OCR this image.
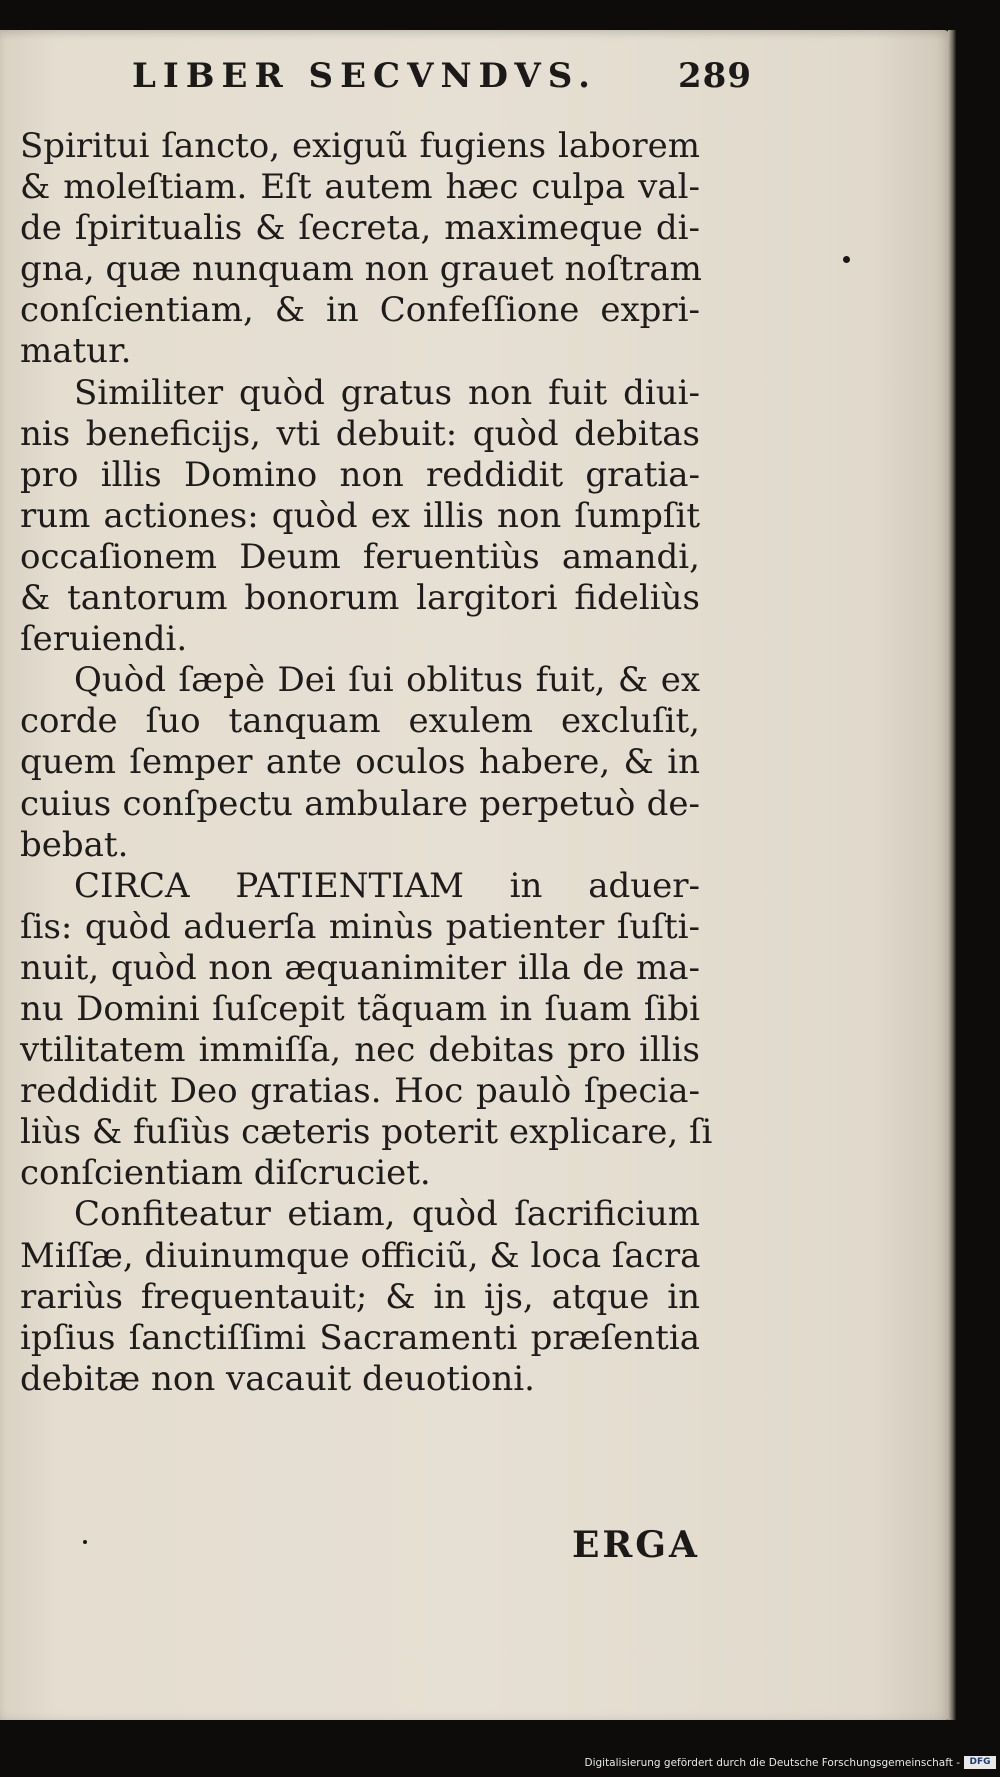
LIBER SECVNDVS. 289
Spiritui ſancto, exiguũ fugiens laborem
& moleſtiam. Eſt autem hæc culpa val-
de ſpiritualis & ſecreta, maximeque di-
gna, quæ nunquam non grauet noſtram
conſcientiam, & in Confeſſione expri-
matur.
Similiter quòd gratus non fuit diui-
nis beneficijs, vti debuit: quòd debitas
pro illis Domino non reddidit gratia-
rum actiones: quòd ex illis non ſumpſit
occaſionem Deum feruentiùs amandi,
& tantorum bonorum largitori fideliùs
ſeruiendi.
Quòd ſæpè Dei ſui oblitus fuit, & ex
corde ſuo tanquam exulem excluſit,
quem ſemper ante oculos habere, & in
cuius conſpectu ambulare perpetuò de-
bebat.
CIRCA PATIENTIAM in aduer-
ſis: quòd aduerſa minùs patienter ſuſti-
nuit, quòd non æquanimiter illa de ma-
nu Domini ſuſcepit tãquam in ſuam ſibi
vtilitatem immiſſa, nec debitas pro illis
reddidit Deo gratias. Hoc paulò ſpecia-
liùs & fuſiùs cæteris poterit explicare, ſi
conſcientiam diſcruciet.
Confiteatur etiam, quòd ſacrificium
Miſſæ, diuinumque officiũ, & loca ſacra
rariùs frequentauit; & in ijs, atque in
ipſius ſanctiſſimi Sacramenti præſentia
debitæ non vacauit deuotioni.
ERGA
Digitalisierung gefördert durch die Deutsche Forschungsgemeinschaft -	DFG
